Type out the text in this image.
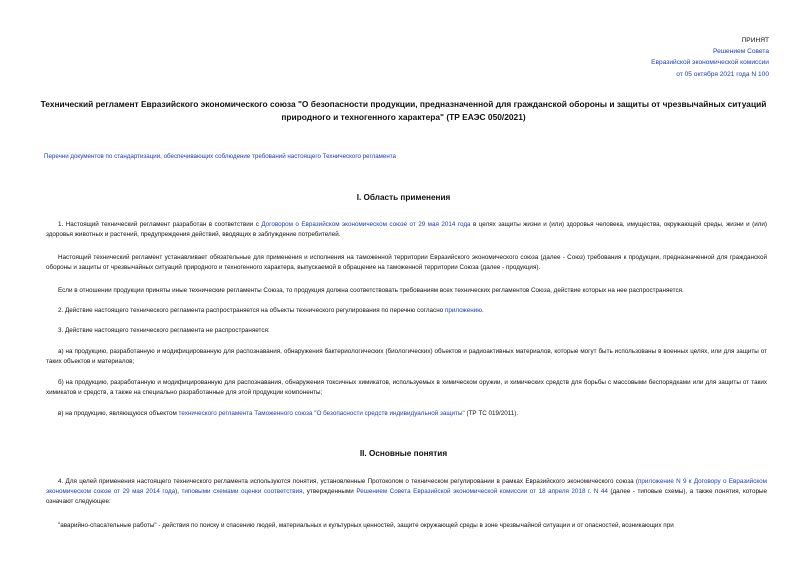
ПРИНЯТ
Решением Совета
Евразийской экономической комиссии
от 05 октября 2021 года N 100
Технический регламент Евразийского экономического союза "О безопасности продукции, предназначенной для гражданской обороны и защиты от чрезвычайных ситуаций природного и техногенного характера" (ТР ЕАЭС 050/2021)
Перечни документов по стандартизации, обеспечивающих соблюдение требований настоящего Технического регламента
I. Область применения
1. Настоящий технический регламент разработан в соответствии с Договором о Евразийском экономическом союзе от 29 мая 2014 года в целях защиты жизни и (или) здоровья человека, имущества, окружающей среды, жизни и (или) здоровья животных и растений, предупреждения действий, вводящих в заблуждение потребителей.
Настоящий технический регламент устанавливает обязательные для применения и исполнения на таможенной территории Евразийского экономического союза (далее - Союз) требования к продукции, предназначенной для гражданской обороны и защиты от чрезвычайных ситуаций природного и техногенного характера, выпускаемой в обращение на таможенной территории Союза (далее - продукция).
Если в отношении продукции приняты иные технические регламенты Союза, то продукция должна соответствовать требованиям всех технических регламентов Союза, действие которых на нее распространяется.
2. Действие настоящего технического регламента распространяется на объекты технического регулирования по перечню согласно приложению.
3. Действие настоящего технического регламента не распространяется:
а) на продукцию, разработанную и модифицированную для распознавания, обнаружения бактериологических (биологических) объектов и радиоактивных материалов, которые могут быть использованы в военных целях, или для защиты от таких объектов и материалов;
б) на продукцию, разработанную и модифицированную для распознавания, обнаружения токсичных химикатов, используемых в химическом оружии, и химических средств для борьбы с массовыми беспорядками или для защиты от таких химикатов и средств, а также на специально разработанные для этой продукции компоненты;
в) на продукцию, являющуюся объектом технического регламента Таможенного союза "О безопасности средств индивидуальной защиты" (ТР ТС 019/2011).
II. Основные понятия
4. Для целей применения настоящего технического регламента используются понятия, установленные Протоколом о техническом регулировании в рамках Евразийского экономического союза (приложение N 9 к Договору о Евразийском экономическом союзе от 29 мая 2014 года), типовыми схемами оценки соответствия, утвержденными Решением Совета Евразийской экономической комиссии от 18 апреля 2018 г. N 44 (далее - типовые схемы), а также понятия, которые означают следующее:
"аварийно-спасательные работы" - действия по поиску и спасению людей, материальных и культурных ценностей, защите окружающей среды в зоне чрезвычайной ситуации и от опасностей, возникающих при
